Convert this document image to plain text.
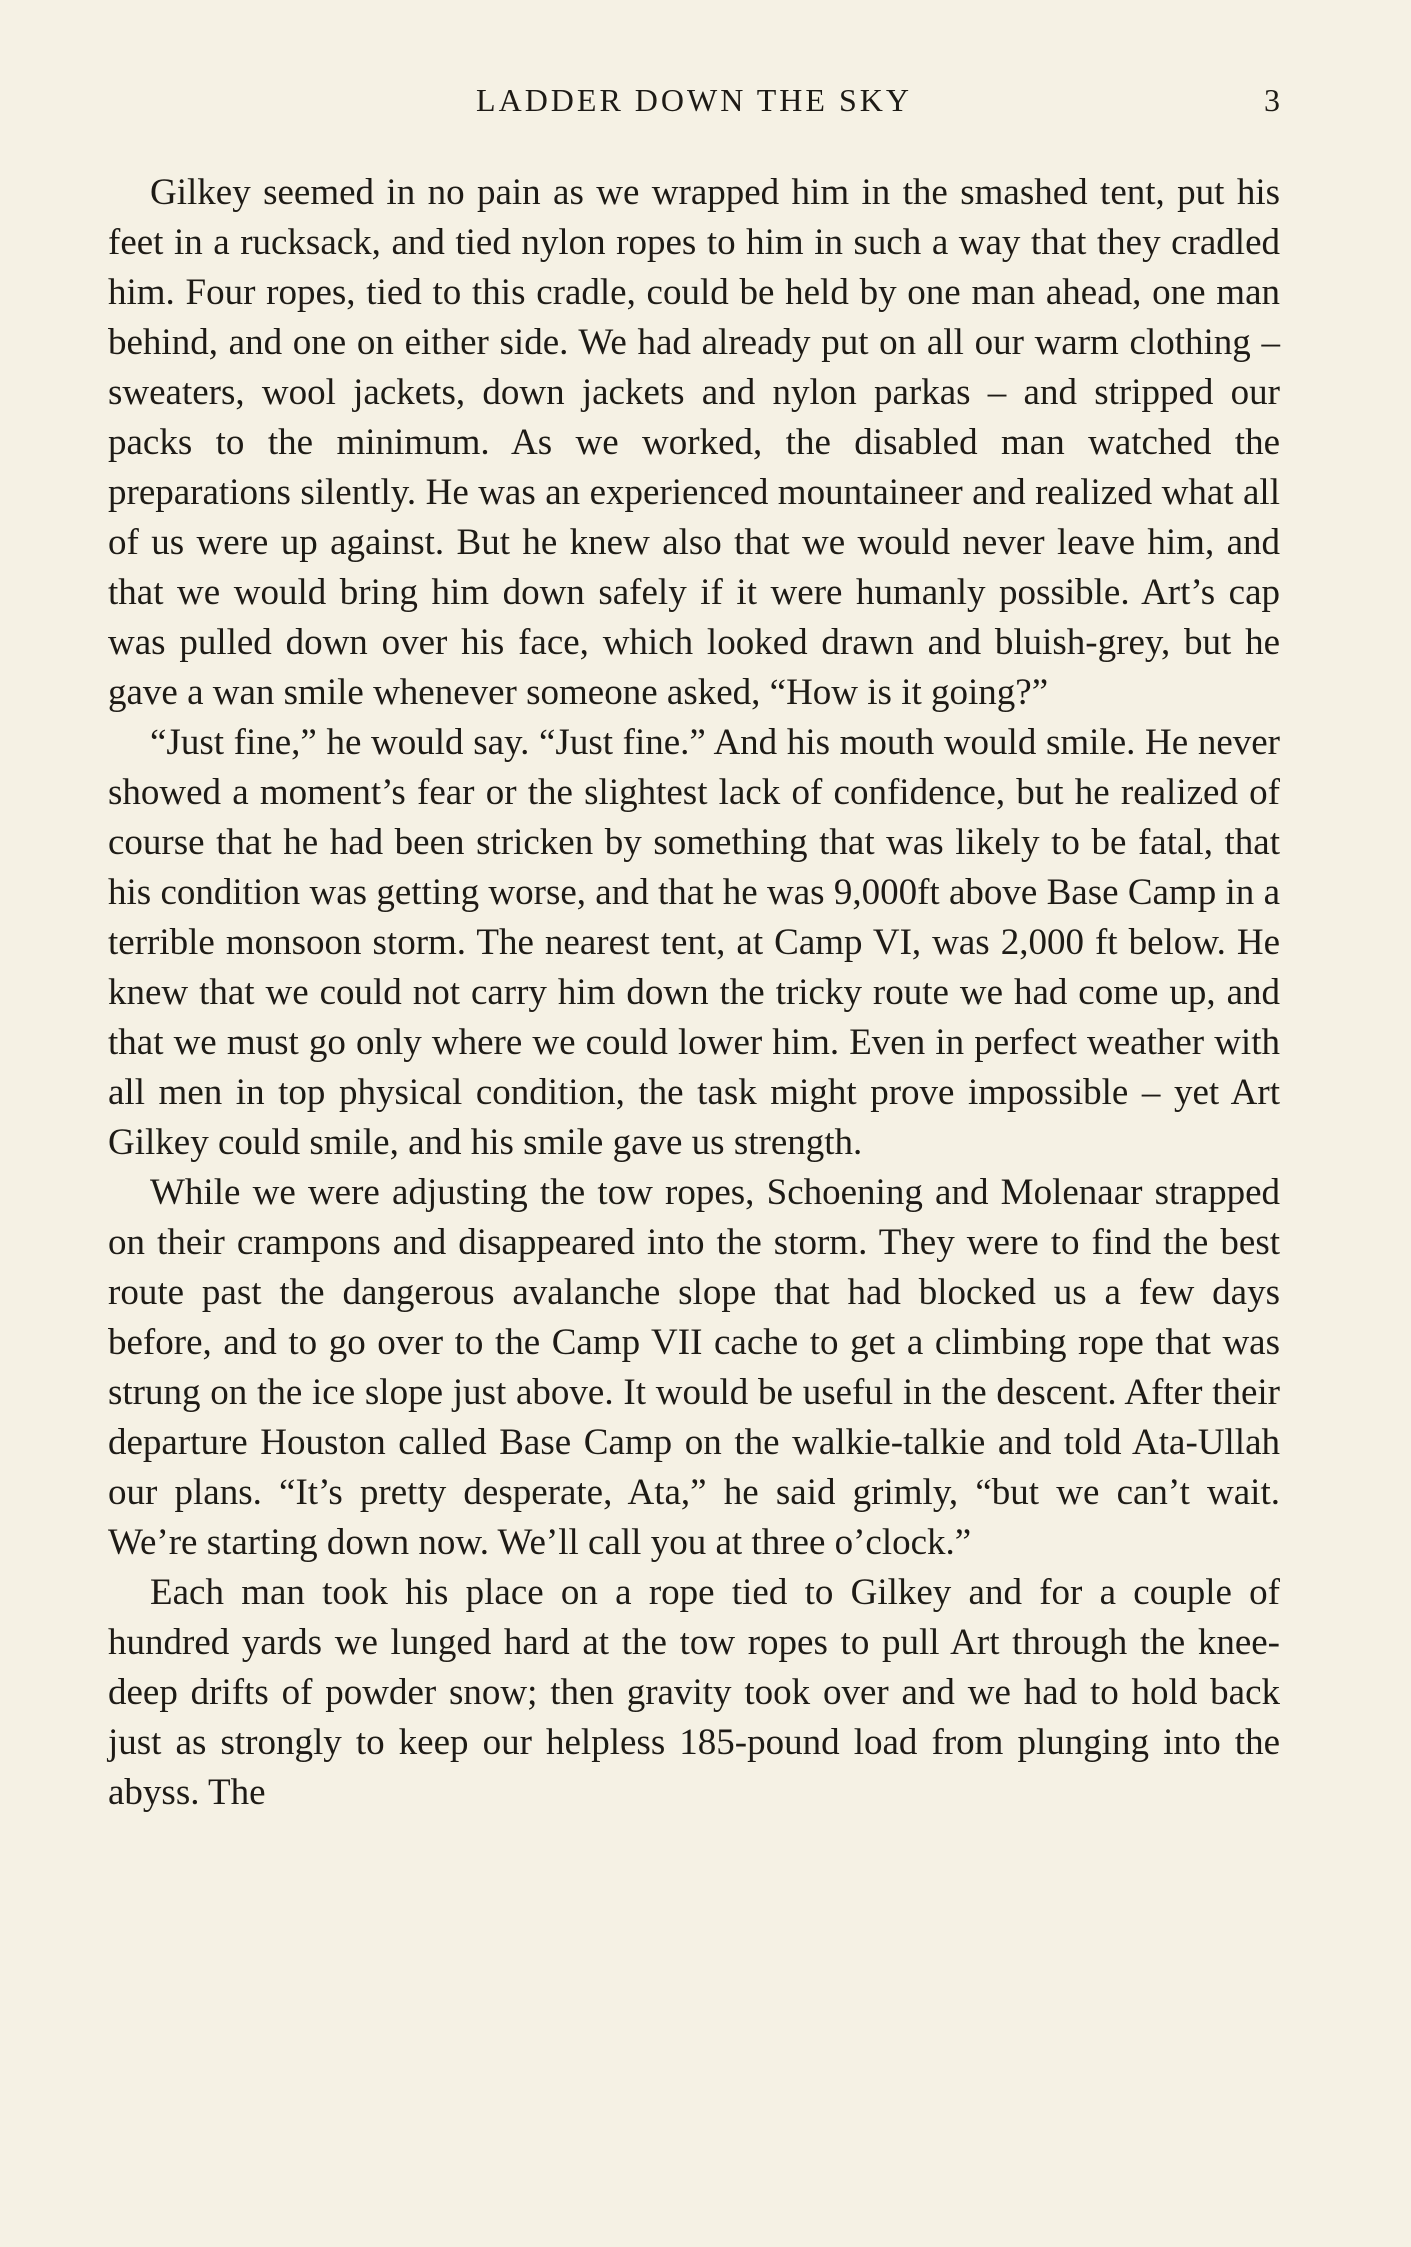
LADDER DOWN THE SKY	3

Gilkey seemed in no pain as we wrapped him in the smashed tent, put his feet in a rucksack, and tied nylon ropes to him in such a way that they cradled him. Four ropes, tied to this cradle, could be held by one man ahead, one man behind, and one on either side. We had already put on all our warm clothing – sweaters, wool jackets, down jackets and nylon parkas – and stripped our packs to the minimum. As we worked, the disabled man watched the preparations silently. He was an experienced mountaineer and realized what all of us were up against. But he knew also that we would never leave him, and that we would bring him down safely if it were humanly possible. Art’s cap was pulled down over his face, which looked drawn and bluish-grey, but he gave a wan smile whenever someone asked, “How is it going?”

“Just fine,” he would say. “Just fine.” And his mouth would smile. He never showed a moment’s fear or the slightest lack of confidence, but he realized of course that he had been stricken by something that was likely to be fatal, that his condition was getting worse, and that he was 9,000ft above Base Camp in a terrible monsoon storm. The nearest tent, at Camp VI, was 2,000 ft below. He knew that we could not carry him down the tricky route we had come up, and that we must go only where we could lower him. Even in perfect weather with all men in top physical condition, the task might prove impossible – yet Art Gilkey could smile, and his smile gave us strength.

While we were adjusting the tow ropes, Schoening and Molenaar strapped on their crampons and disappeared into the storm. They were to find the best route past the dangerous avalanche slope that had blocked us a few days before, and to go over to the Camp VII cache to get a climbing rope that was strung on the ice slope just above. It would be useful in the descent. After their departure Houston called Base Camp on the walkie-talkie and told Ata-Ullah our plans. “It’s pretty desperate, Ata,” he said grimly, “but we can’t wait. We’re starting down now. We’ll call you at three o’clock.”

Each man took his place on a rope tied to Gilkey and for a couple of hundred yards we lunged hard at the tow ropes to pull Art through the knee-deep drifts of powder snow; then gravity took over and we had to hold back just as strongly to keep our helpless 185-pound load from plunging into the abyss. The
